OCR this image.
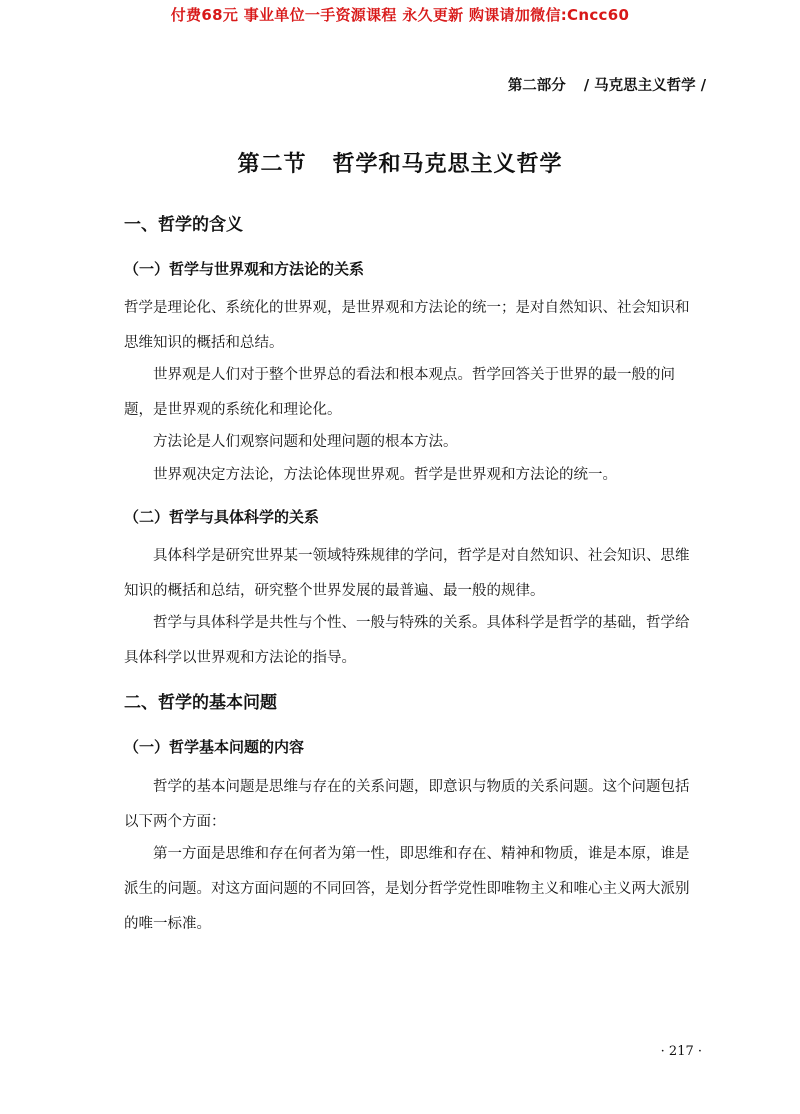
付费68元 事业单位一手资源课程 永久更新 购课请加微信:Cncc60
第二部分 / 马克思主义哲学 /
第二节 哲学和马克思主义哲学
一、哲学的含义
（一）哲学与世界观和方法论的关系
哲学是理论化、系统化的世界观，是世界观和方法论的统一；是对自然知识、社会知识和思维知识的概括和总结。
世界观是人们对于整个世界总的看法和根本观点。哲学回答关于世界的最一般的问题，是世界观的系统化和理论化。
方法论是人们观察问题和处理问题的根本方法。
世界观决定方法论，方法论体现世界观。哲学是世界观和方法论的统一。
（二）哲学与具体科学的关系
具体科学是研究世界某一领域特殊规律的学问，哲学是对自然知识、社会知识、思维知识的概括和总结，研究整个世界发展的最普遍、最一般的规律。
哲学与具体科学是共性与个性、一般与特殊的关系。具体科学是哲学的基础，哲学给具体科学以世界观和方法论的指导。
二、哲学的基本问题
（一）哲学基本问题的内容
哲学的基本问题是思维与存在的关系问题，即意识与物质的关系问题。这个问题包括以下两个方面：
第一方面是思维和存在何者为第一性，即思维和存在、精神和物质，谁是本原，谁是派生的问题。对这方面问题的不同回答，是划分哲学党性即唯物主义和唯心主义两大派别的唯一标准。
· 217 ·
